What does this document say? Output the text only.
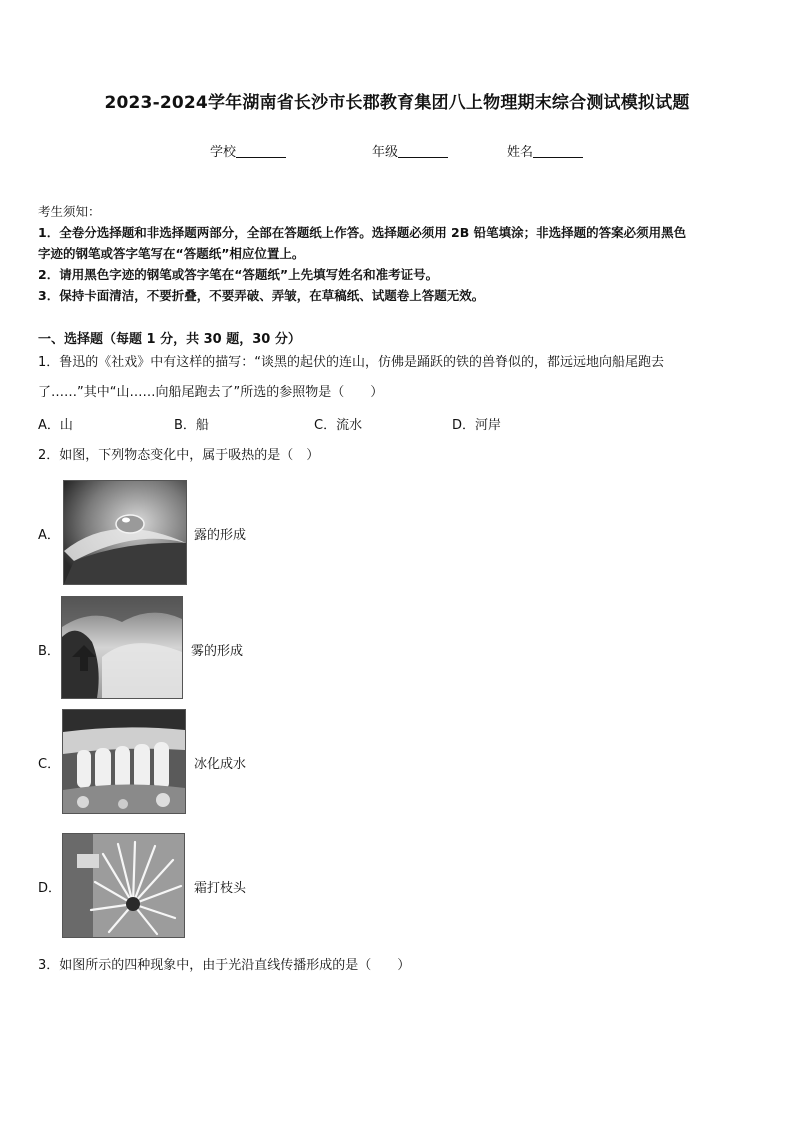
2023-2024学年湖南省长沙市长郡教育集团八上物理期末综合测试模拟试题
学校	年级	姓名
考生须知：
1．全卷分选择题和非选择题两部分，全部在答题纸上作答。选择题必须用 2B 铅笔填涂；非选择题的答案必须用黑色
字迹的钢笔或答字笔写在“答题纸”相应位置上。
2．请用黑色字迹的钢笔或答字笔在“答题纸”上先填写姓名和准考证号。
3．保持卡面清洁，不要折叠，不要弄破、弄皱，在草稿纸、试题卷上答题无效。
一、选择题（每题 1 分，共 30 题，30 分）
1．鲁迅的《社戏》中有这样的描写：“谈黑的起伏的连山，仿佛是踊跃的铁的兽脊似的，都远远地向船尾跑去
了……”其中“山……向船尾跑去了”所选的参照物是（　　）
A．山	B．船	C．流水	D．河岸
2．如图，下列物态变化中，属于吸热的是（　）
A．	露的形成
B．	雾的形成
C．	冰化成水
D．	霜打枝头
3．如图所示的四种现象中，由于光沿直线传播形成的是（　　）
